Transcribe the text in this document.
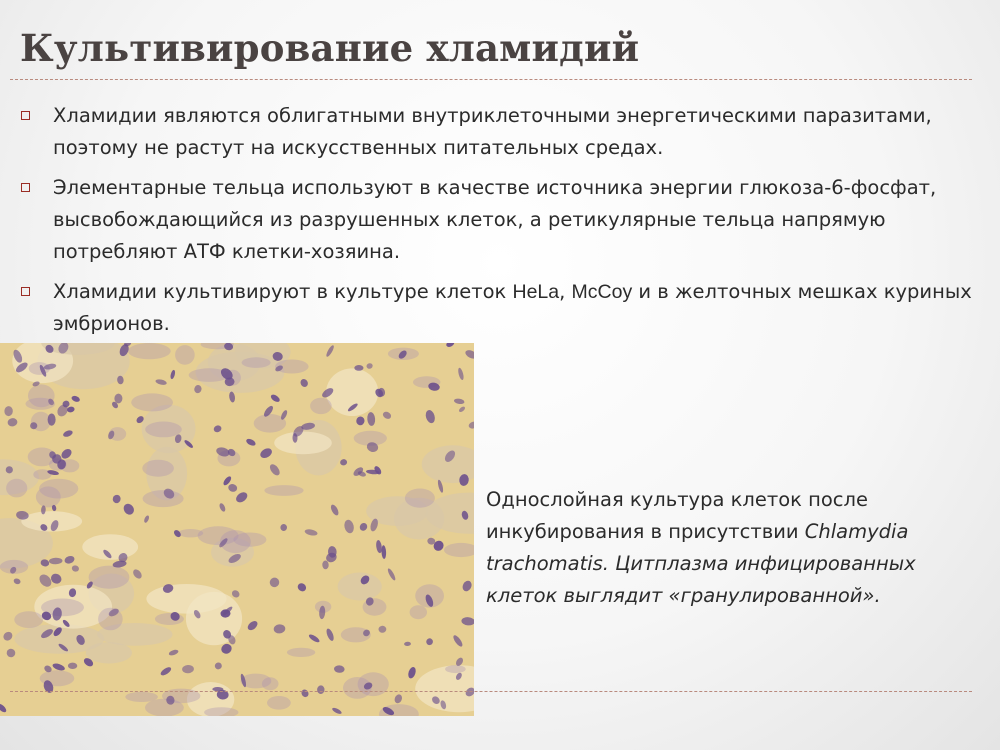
Культивирование хламидий
Хламидии являются облигатными внутриклеточными энергетическими паразитами, поэтому не растут на искусственных питательных средах.
Элементарные тельца используют в качестве источника энергии глюкоза-6-фосфат, высвобождающийся из разрушенных клеток, а ретикулярные тельца напрямую потребляют АТФ клетки-хозяина.
Хламидии культивируют в культуре клеток HeLa, McCoy и в желточных мешках куриных эмбрионов.

Однослойная культура клеток после инкубирования в присутствии Chlamydia trachomatis. Цитплазма инфицированных клеток выглядит «гранулированной».
